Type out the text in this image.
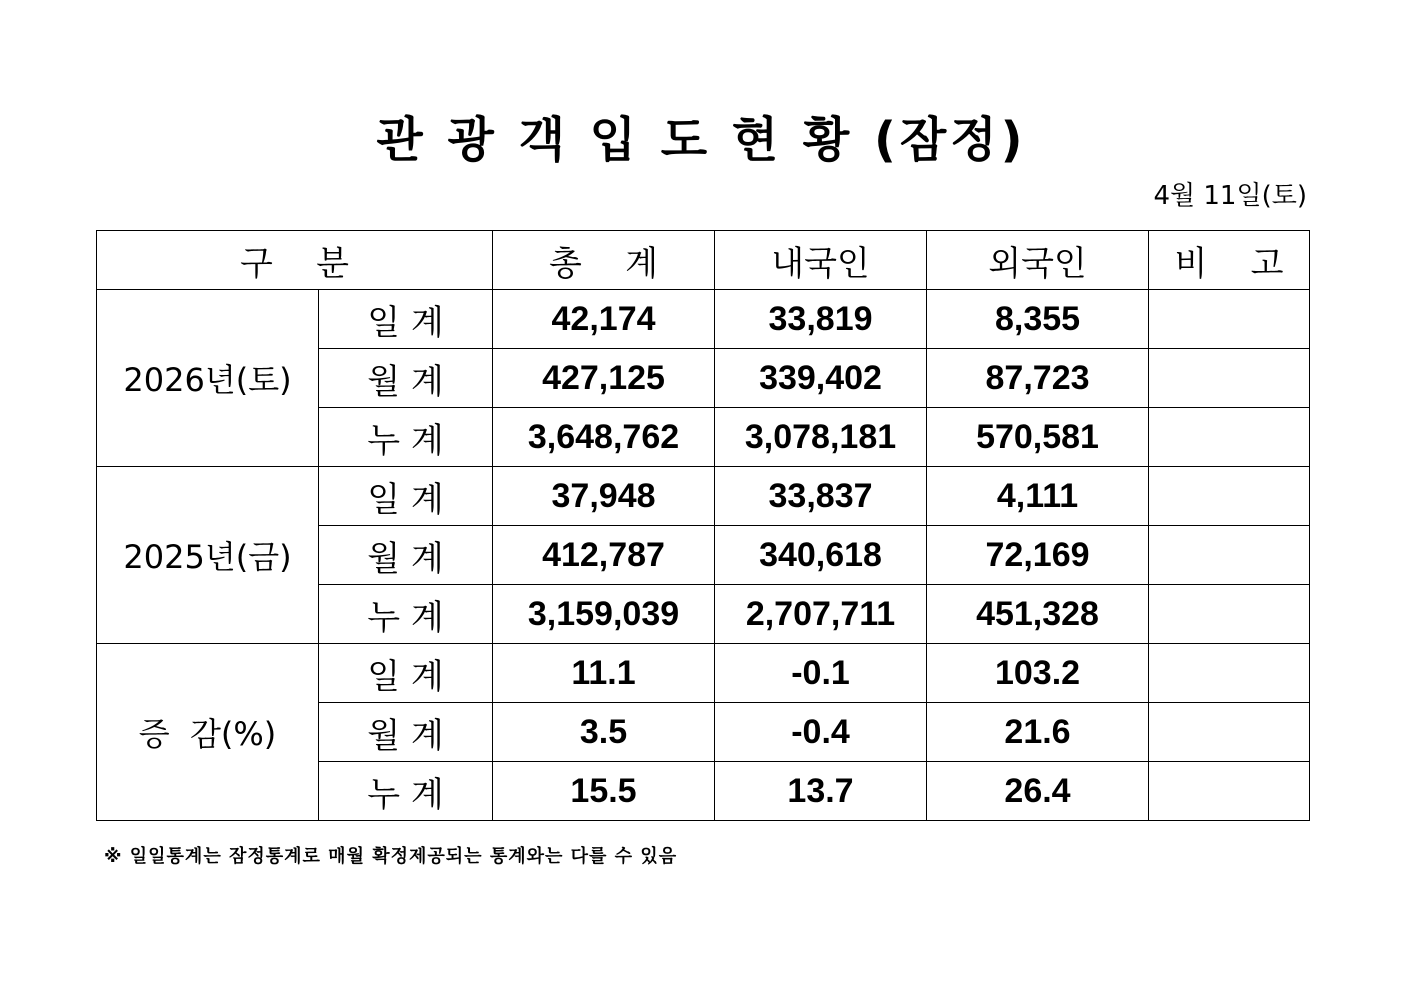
관 광 객 입 도 현 황 (잠정)
4월 11일(토)
구    분		총    계	내국인	외국인	비    고
2026년(토)	일 계	42,174	33,819	8,355	
	월 계	427,125	339,402	87,723	
	누 계	3,648,762	3,078,181	570,581	
2025년(금)	일 계	37,948	33,837	4,111	
	월 계	412,787	340,618	72,169	
	누 계	3,159,039	2,707,711	451,328	
증  감(%)	일 계	11.1	-0.1	103.2	
	월 계	3.5	-0.4	21.6	
	누 계	15.5	13.7	26.4	
※ 일일통계는 잠정통계로 매월 확정제공되는 통계와는 다를 수 있음
